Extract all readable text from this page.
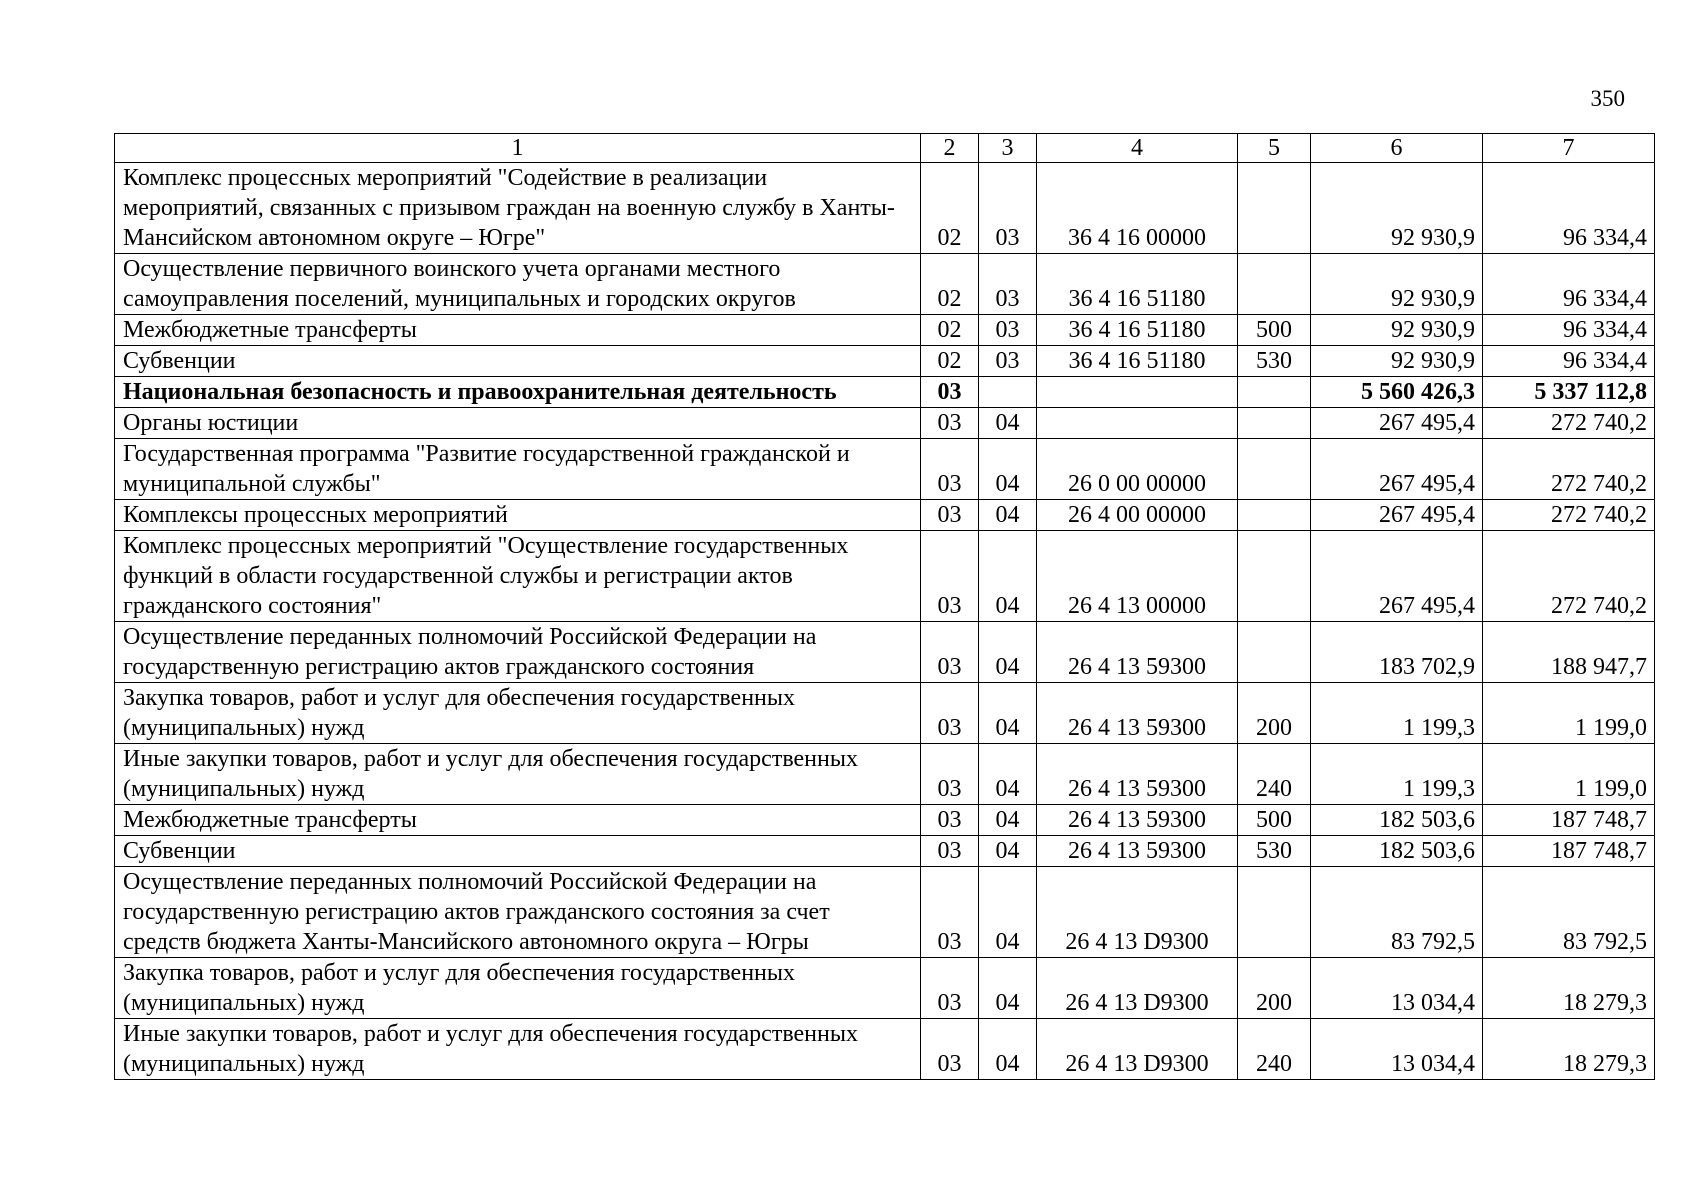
350
1	2	3	4	5	6	7
Комплекс процессных мероприятий "Содействие в реализации мероприятий, связанных с призывом граждан на военную службу в Ханты-Мансийском автономном округе – Югре"	02	03	36 4 16 00000		92 930,9	96 334,4
Осуществление первичного воинского учета органами местного самоуправления поселений, муниципальных и городских округов	02	03	36 4 16 51180		92 930,9	96 334,4
Межбюджетные трансферты	02	03	36 4 16 51180	500	92 930,9	96 334,4
Субвенции	02	03	36 4 16 51180	530	92 930,9	96 334,4
Национальная безопасность и правоохранительная деятельность	03				5 560 426,3	5 337 112,8
Органы юстиции	03	04			267 495,4	272 740,2
Государственная программа "Развитие государственной гражданской и муниципальной службы"	03	04	26 0 00 00000		267 495,4	272 740,2
Комплексы процессных мероприятий	03	04	26 4 00 00000		267 495,4	272 740,2
Комплекс процессных мероприятий "Осуществление государственных функций в области государственной службы и регистрации актов гражданского состояния"	03	04	26 4 13 00000		267 495,4	272 740,2
Осуществление переданных полномочий Российской Федерации на государственную регистрацию актов гражданского состояния	03	04	26 4 13 59300		183 702,9	188 947,7
Закупка товаров, работ и услуг для обеспечения государственных (муниципальных) нужд	03	04	26 4 13 59300	200	1 199,3	1 199,0
Иные закупки товаров, работ и услуг для обеспечения государственных (муниципальных) нужд	03	04	26 4 13 59300	240	1 199,3	1 199,0
Межбюджетные трансферты	03	04	26 4 13 59300	500	182 503,6	187 748,7
Субвенции	03	04	26 4 13 59300	530	182 503,6	187 748,7
Осуществление переданных полномочий Российской Федерации на государственную регистрацию актов гражданского состояния за счет средств бюджета Ханты-Мансийского автономного округа – Югры	03	04	26 4 13 D9300		83 792,5	83 792,5
Закупка товаров, работ и услуг для обеспечения государственных (муниципальных) нужд	03	04	26 4 13 D9300	200	13 034,4	18 279,3
Иные закупки товаров, работ и услуг для обеспечения государственных (муниципальных) нужд	03	04	26 4 13 D9300	240	13 034,4	18 279,3
